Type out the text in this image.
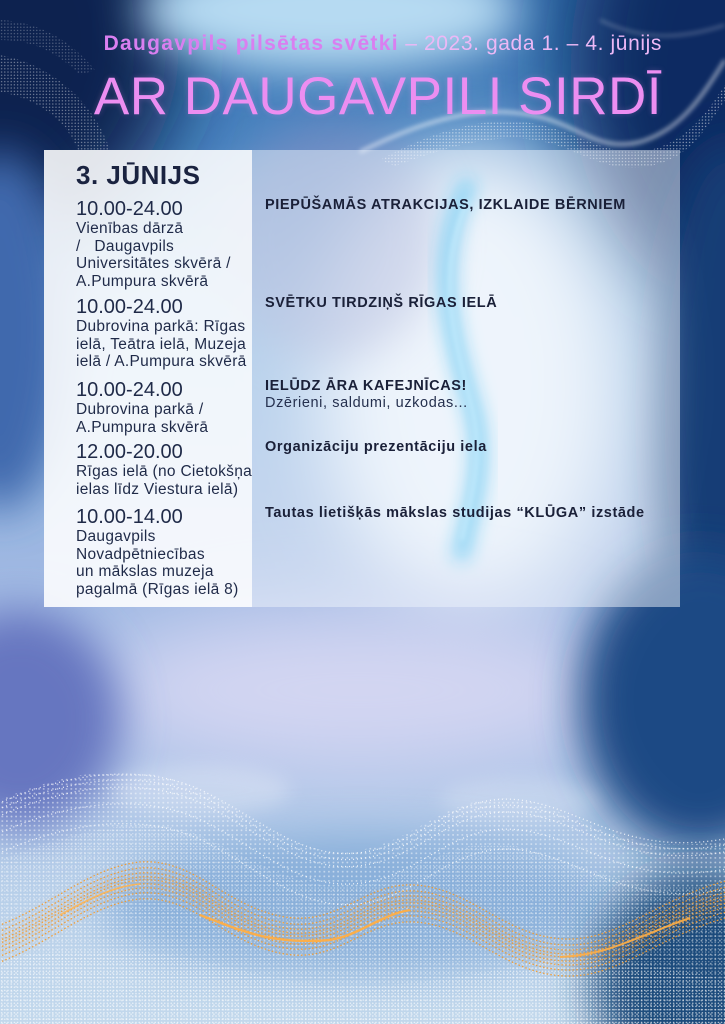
Daugavpils pilsētas svētki – 2023. gada 1. – 4. jūnijs
AR DAUGAVPILI SIRDĪ
3. JŪNIJS
10.00-24.00
Vienības dārzā
/   Daugavpils
Universitātes skvērā /
A.Pumpura skvērā
PIEPŪŠAMĀS ATRAKCIJAS, IZKLAIDE BĒRNIEM
10.00-24.00
Dubrovina parkā: Rīgas
ielā, Teātra ielā, Muzeja
ielā / A.Pumpura skvērā
SVĒTKU TIRDZIŅŠ RĪGAS IELĀ
10.00-24.00
Dubrovina parkā /
A.Pumpura skvērā
IELŪDZ ĀRA KAFEJNĪCAS!
Dzērieni, saldumi, uzkodas...
12.00-20.00
Rīgas ielā (no Cietokšņa
ielas līdz Viestura ielā)
Organizāciju prezentāciju iela
10.00-14.00
Daugavpils
Novadpētniecības
un mākslas muzeja
pagalmā (Rīgas ielā 8)
Tautas lietišķās mākslas studijas “KLŪGA” izstāde
